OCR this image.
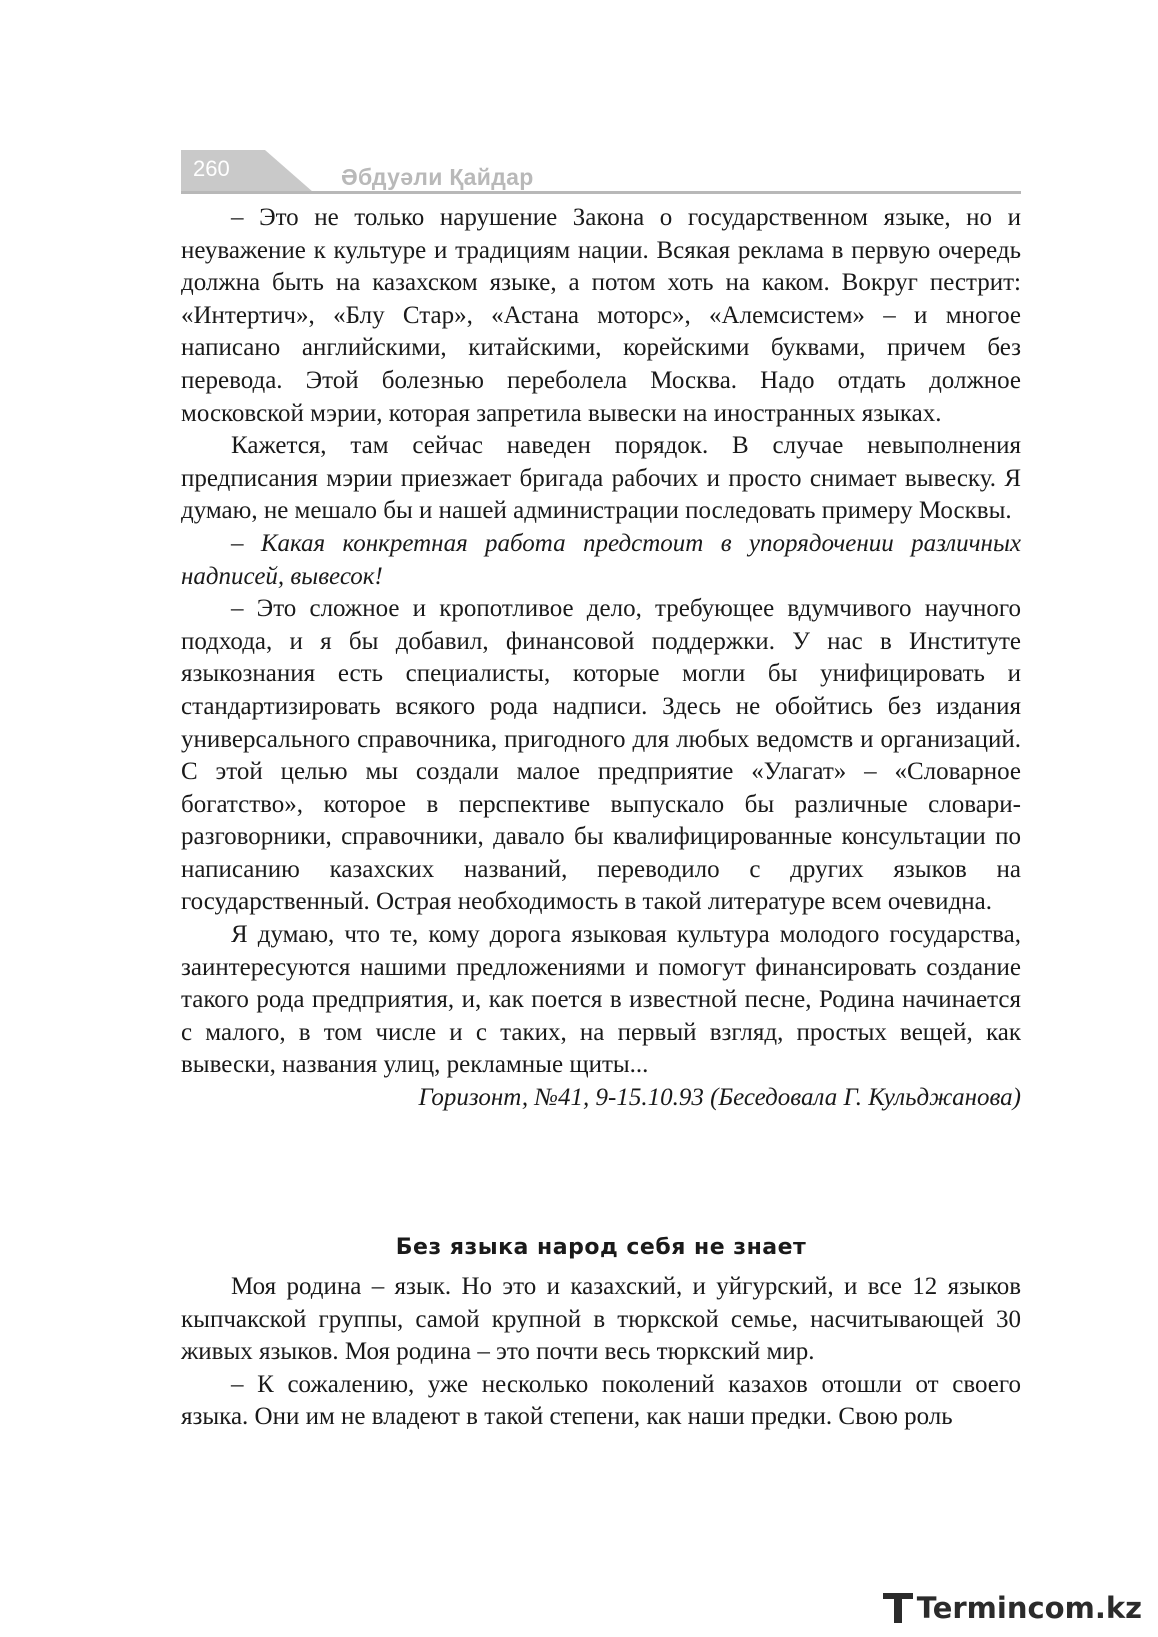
260	Әбдуәли Қайдар

– Это не только нарушение Закона о государственном языке, но и неуважение к культуре и традициям нации. Всякая реклама в первую очередь должна быть на казахском языке, а потом хоть на каком. Вокруг пестрит: «Интертич», «Блу Стар», «Астана моторс», «Алемсистем» – и многое написано английскими, китайскими, корейскими буквами, причем без перевода. Этой болезнью переболела Москва. Надо отдать должное московской мэрии, которая запретила вывески на иностранных языках.

Кажется, там сейчас наведен порядок. В случае невыполнения предписания мэрии приезжает бригада рабочих и просто снимает вывеску. Я думаю, не мешало бы и нашей администрации последовать примеру Москвы.

– Какая конкретная работа предстоит в упорядочении различных надписей, вывесок!

– Это сложное и кропотливое дело, требующее вдумчивого научного подхода, и я бы добавил, финансовой поддержки. У нас в Институте языкознания есть специалисты, которые могли бы унифицировать и стандартизировать всякого рода надписи. Здесь не обойтись без издания универсального справочника, пригодного для любых ведомств и организаций. С этой целью мы создали малое предприятие «Улагат» – «Словарное богатство», которое в перспективе выпускало бы различные словари-разговорники, справочники, давало бы квалифицированные консультации по написанию казахских названий, переводило с других языков на государственный. Острая необходимость в такой литературе всем очевидна.

Я думаю, что те, кому дорога языковая культура молодого государства, заинтересуются нашими предложениями и помогут финансировать создание такого рода предприятия, и, как поется в известной песне, Родина начинается с малого, в том числе и с таких, на первый взгляд, простых вещей, как вывески, названия улиц, рекламные щиты...

Горизонт, №41, 9-15.10.93 (Беседовала Г. Кульджанова)

Без языка народ себя не знает

Моя родина – язык. Но это и казахский, и уйгурский, и все 12 языков кыпчакской группы, самой крупной в тюркской семье, насчитывающей 30 живых языков. Моя родина – это почти весь тюркский мир.

– К сожалению, уже несколько поколений казахов отошли от своего языка. Они им не владеют в такой степени, как наши предки. Свою роль

Termincom.kz
